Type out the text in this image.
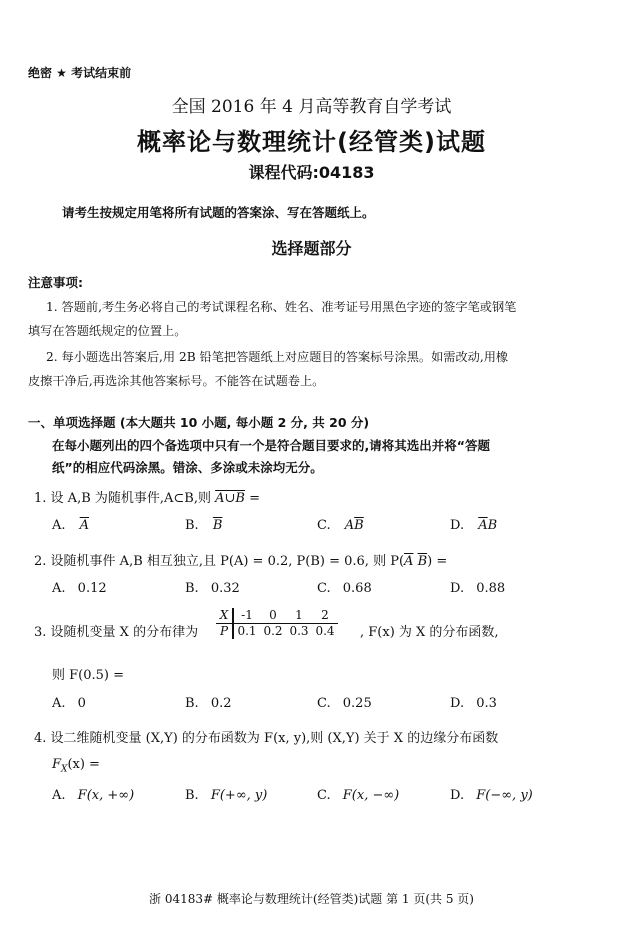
绝密 ★ 考试结束前
全国 2016 年 4 月高等教育自学考试
概率论与数理统计(经管类)试题
课程代码:04183
请考生按规定用笔将所有试题的答案涂、写在答题纸上。
选择题部分
注意事项:
1. 答题前,考生务必将自己的考试课程名称、姓名、准考证号用黑色字迹的签字笔或钢笔
填写在答题纸规定的位置上。
2. 每小题选出答案后,用 2B 铅笔把答题纸上对应题目的答案标号涂黑。如需改动,用橡
皮擦干净后,再选涂其他答案标号。不能答在试题卷上。
一、单项选择题 (本大题共 10 小题, 每小题 2 分, 共 20 分)
在每小题列出的四个备选项中只有一个是符合题目要求的,请将其选出并将“答题
纸”的相应代码涂黑。错涂、多涂或未涂均无分。
1. 设 A,B 为随机事件,A⊂B,则 A∪B =
A. $\overline{A}$	B. $\overline{B}$	C. $A\overline{B}$	D. $\overline{A}B$
2. 设随机事件 A,B 相互独立,且 P(A) = 0.2, P(B) = 0.6, 则 $P(\overline{A}$ $\overline{B}$) =
A. 0.12	B. 0.32	C. 0.68	D. 0.88
3. 设随机变量 X 的分布律为
X	-1	0	1	2
P 0.1 0.2 0.3 0.4 , F(x) 为 X 的分布函数,
则 F(0.5) =
A. 0	B. 0.2	C. 0.25	D. 0.3
4. 设二维随机变量 (X,Y) 的分布函数为 F(x, y),则 (X,Y) 关于 X 的边缘分布函数
$F_X(x)$ =
A. F(x, +∞)	B. F(+∞, y)	C. F(x, −∞)	D. F(−∞, y)
浙 04183# 概率论与数理统计(经管类)试题 第 1 页(共 5 页)
